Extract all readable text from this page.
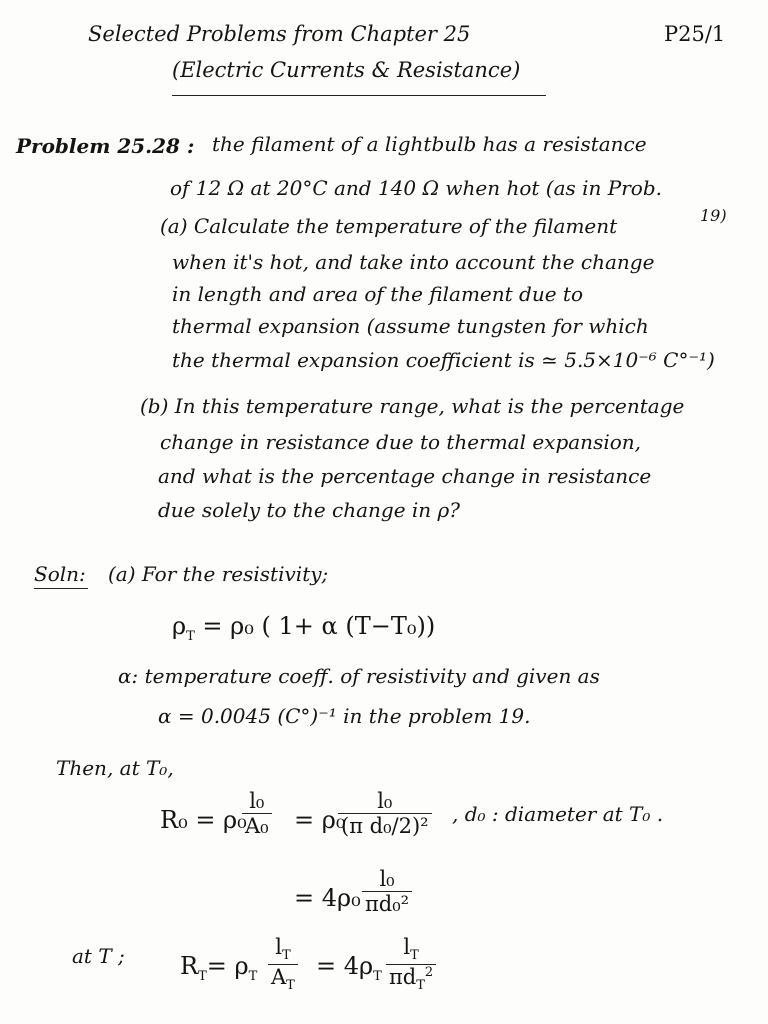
Selected Problems from Chapter 25	P25/1
(Electric Currents & Resistance)
Problem 25.28 : the filament of a lightbulb has a resistance
of 12 Ω at 20°C and 140 Ω when hot (as in Prob.
(a) Calculate the temperature of the filament	19)
when it's hot, and take into account the change
in length and area of the filament due to
thermal expansion (assume tungsten for which
the thermal expansion coefficient is ≃ 5.5×10⁻⁶ C°⁻¹)
(b) In this temperature range, what is the percentage
change in resistance due to thermal expansion,
and what is the percentage change in resistance
due solely to the change in ρ?
Soln: (a) For the resistivity;
$\rho_T = \rho_0$ ( 1+ α (T−T₀))
α: temperature coeff. of resistivity and given as
α = 0.0045 (C°)⁻¹ in the problem 19.
Then, at T₀,
R₀ = ρ₀
l₀
A₀ = ρ₀
l₀
(π d₀/2)²
, d₀ : diameter at T₀ .
= 4ρ₀
l₀
πd₀²
at T ; $R_T= \rho_T$
$l_T$
$A_T$
= $4\rho_T$
$l_T$
$\pi d_T^2$
